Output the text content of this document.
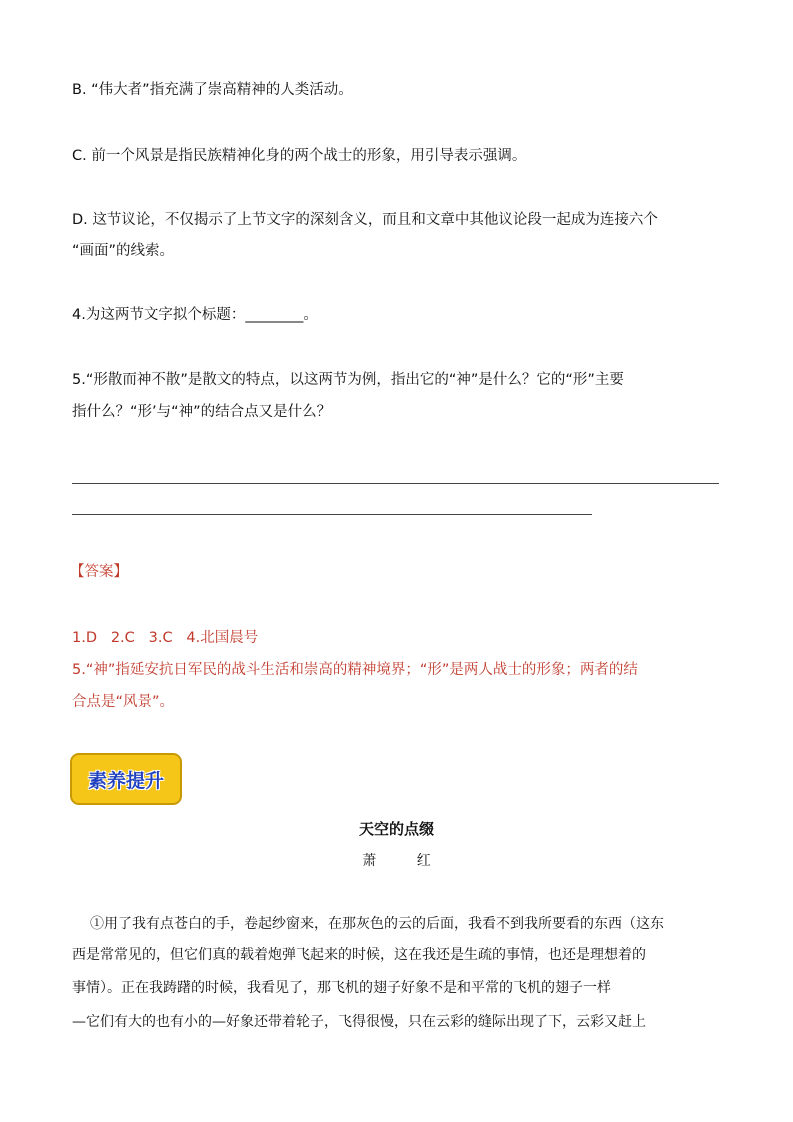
B. “伟大者”指充满了崇高精神的人类活动。
C. 前一个风景是指民族精神化身的两个战士的形象，用引导表示强调。
D. 这节议论，不仅揭示了上节文字的深刻含义，而且和文章中其他议论段一起成为连接六个
“画面”的线索。
4.为这两节文字拟个标题：________。
5.“形散而神不散”是散文的特点，以这两节为例，指出它的“神”是什么？它的“形”主要
指什么？“形’与“神”的结合点又是什么？
【答案】
1.D   2.C   3.C   4.北国晨号
5.“神”指延安抗日军民的战斗生活和崇高的精神境界；“形”是两人战士的形象；两者的结
合点是“风景”。
素养提升
天空的点缀
萧 红
①用了我有点苍白的手，卷起纱窗来，在那灰色的云的后面，我看不到我所要看的东西（这东
西是常常见的，但它们真的载着炮弹飞起来的时候，这在我还是生疏的事情，也还是理想着的
事情）。正在我踌躇的时候，我看见了，那飞机的翅子好象不是和平常的飞机的翅子一样
—它们有大的也有小的—好象还带着轮子，飞得很慢，只在云彩的缝际出现了下，云彩又赶上
